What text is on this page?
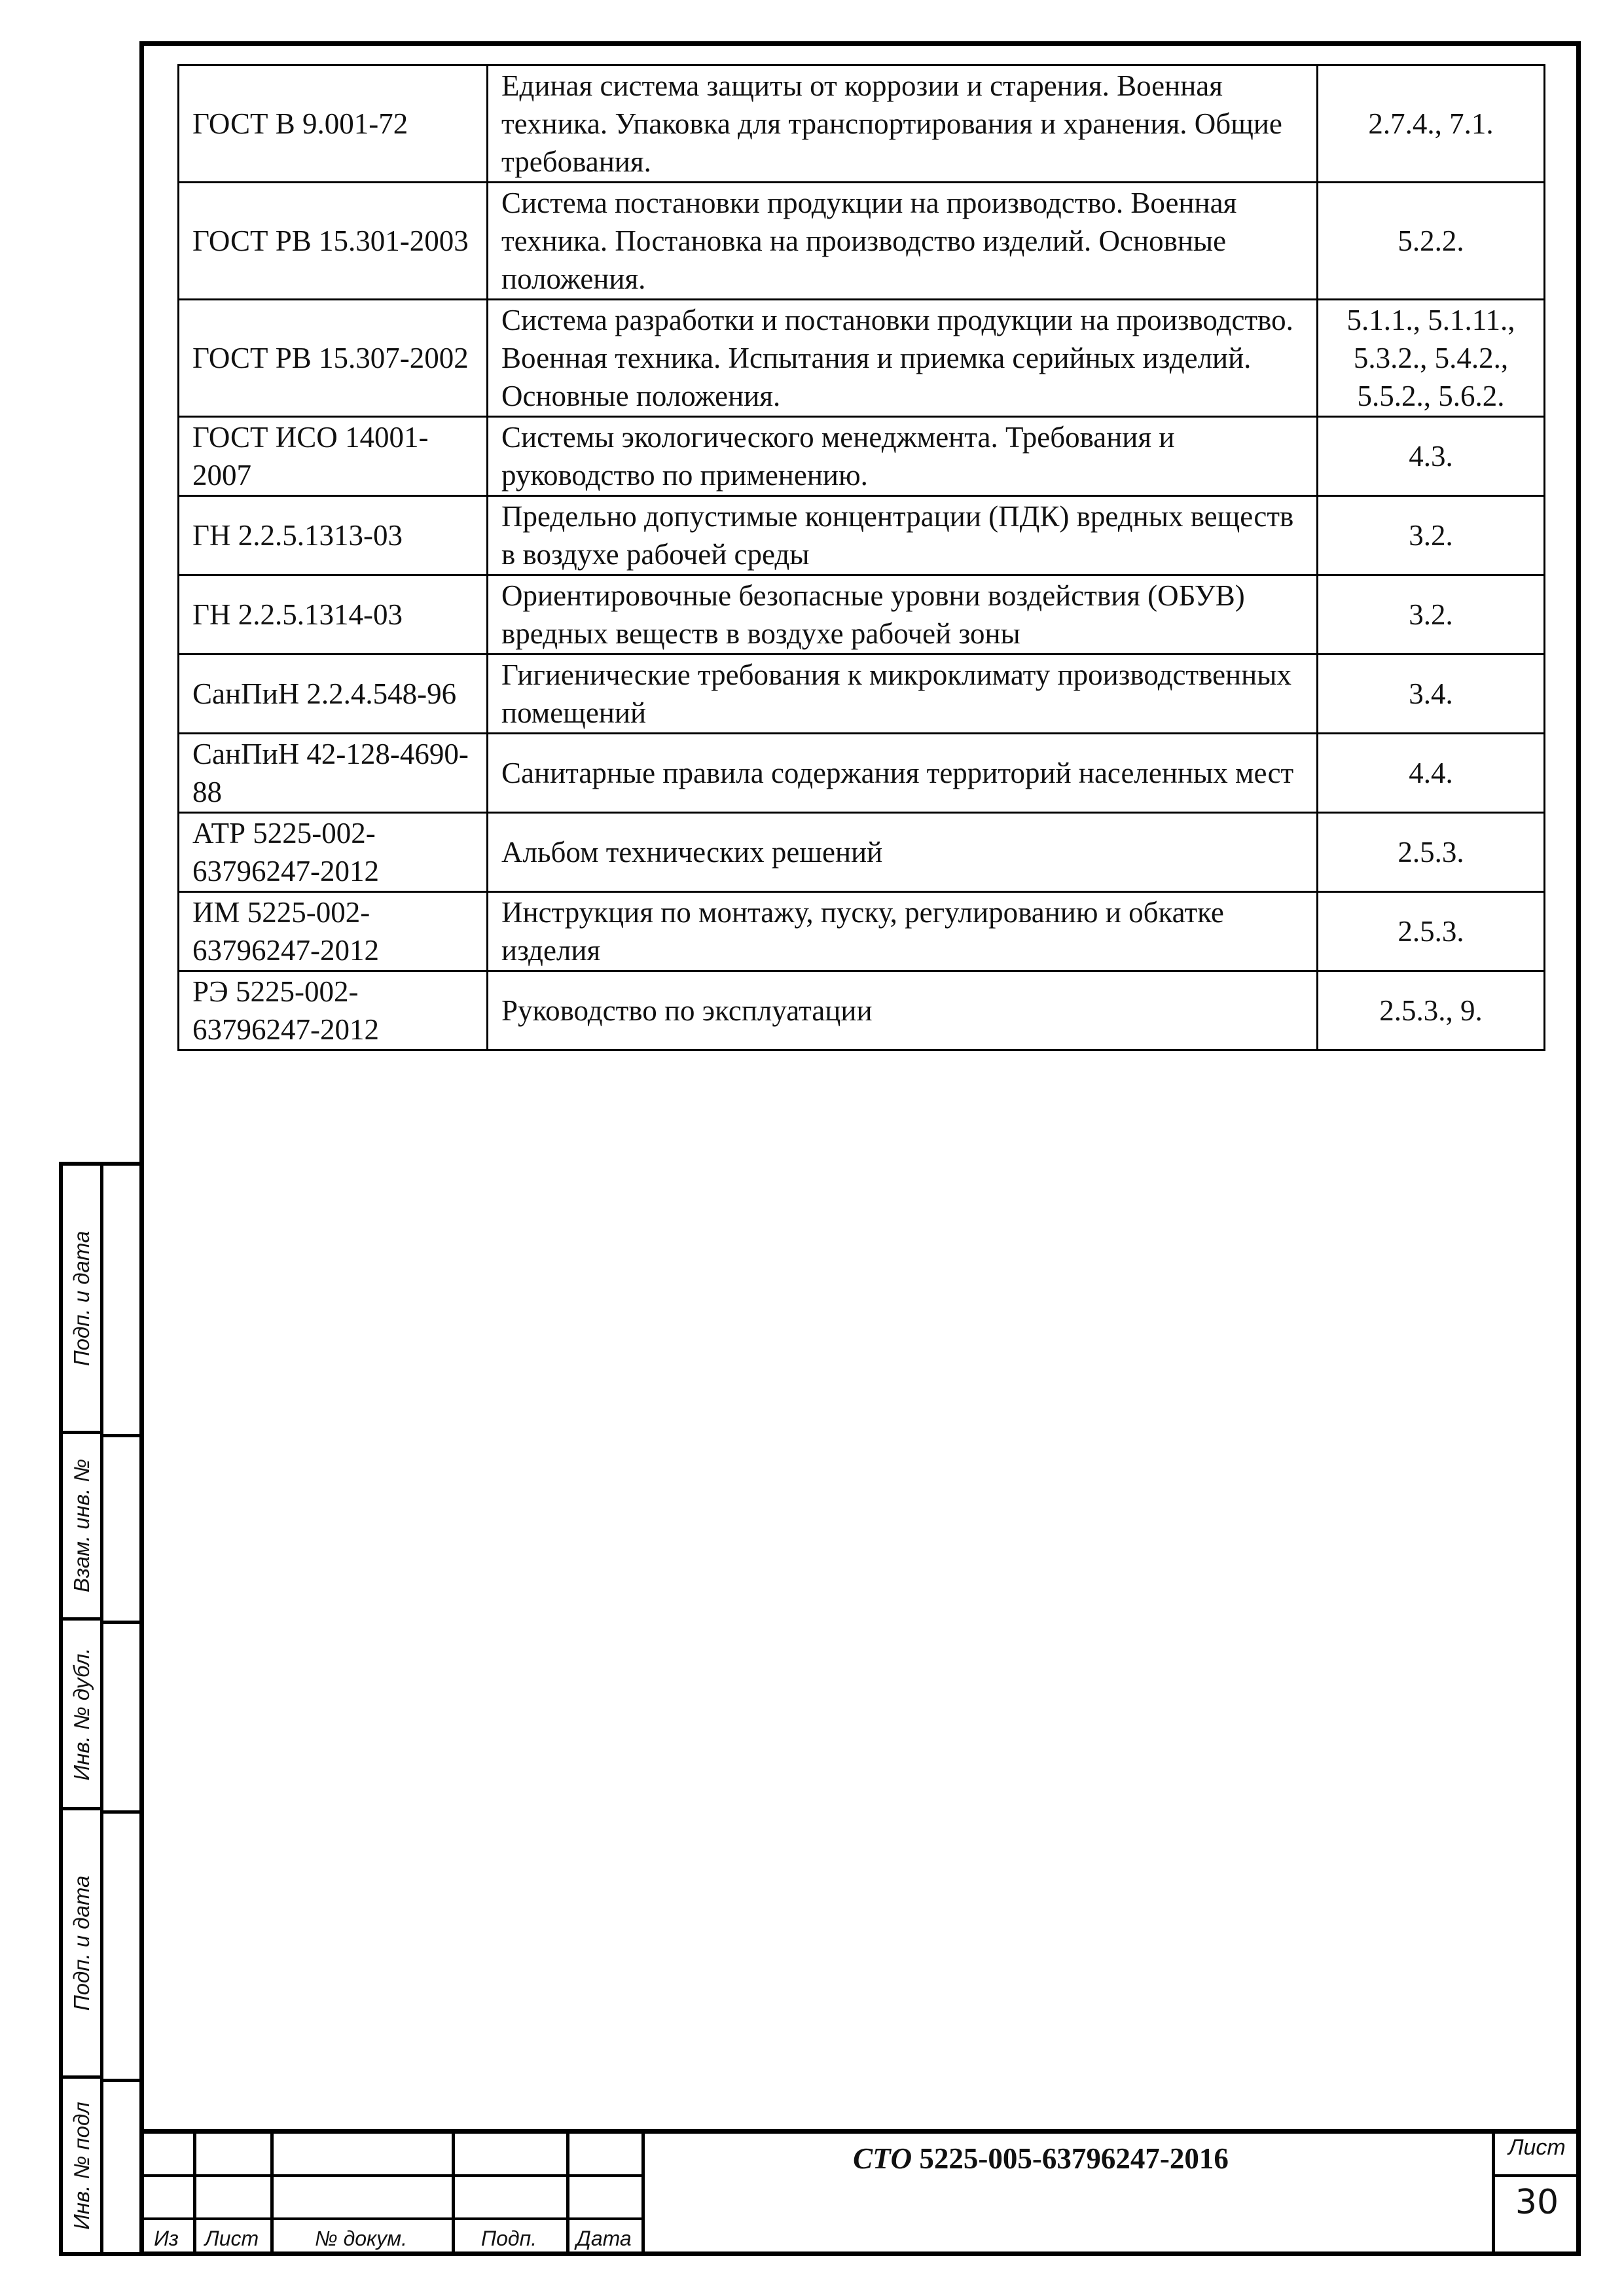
ГОСТ В 9.001-72	Единая система защиты от коррозии и старения. Военная техника. Упаковка для транспортирования и хранения. Общие требования.	2.7.4., 7.1.
ГОСТ РВ 15.301-2003	Система постановки продукции на производство. Военная техника. Постановка на производство изделий. Основные положения.	5.2.2.
ГОСТ РВ 15.307-2002	Система разработки и постановки продукции на производство. Военная техника. Испытания и приемка серийных изделий. Основные положения.	5.1.1., 5.1.11., 5.3.2., 5.4.2., 5.5.2., 5.6.2.
ГОСТ ИСО 14001-2007	Системы экологического менеджмента. Требования и руководство по применению.	4.3.
ГН 2.2.5.1313-03	Предельно допустимые концентрации (ПДК) вредных веществ в воздухе рабочей среды	3.2.
ГН 2.2.5.1314-03	Ориентировочные безопасные уровни воздействия (ОБУВ) вредных веществ в воздухе рабочей зоны	3.2.
СанПиН 2.2.4.548-96	Гигиенические требования к микроклимату производственных помещений	3.4.
СанПиН 42-128-4690-88	Санитарные правила содержания территорий населенных мест	4.4.
АТР 5225-002-63796247-2012	Альбом технических решений	2.5.3.
ИМ 5225-002-63796247-2012	Инструкция по монтажу, пуску, регулированию и обкатке изделия	2.5.3.
РЭ 5225-002-63796247-2012	Руководство по эксплуатации	2.5.3., 9.
Подп. и дата
Взам. инв. №
Инв. № дубл.
Подп. и дата
Инв. № подл
Из	Лист	№ докум.	Подп.	Дата
СТО 5225-005-63796247-2016	Лист
30
